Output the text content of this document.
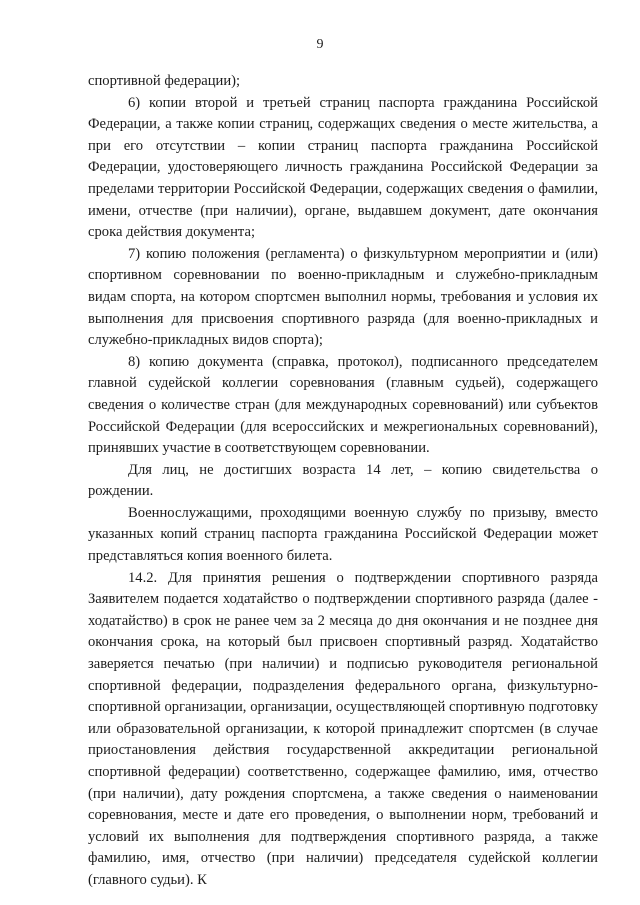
9

спортивной федерации);

6) копии второй и третьей страниц паспорта гражданина Российской Федерации, а также копии страниц, содержащих сведения о месте жительства, а при его отсутствии – копии страниц паспорта гражданина Российской Федерации, удостоверяющего личность гражданина Российской Федерации за пределами территории Российской Федерации, содержащих сведения о фамилии, имени, отчестве (при наличии), органе, выдавшем документ, дате окончания срока действия документа;

7) копию положения (регламента) о физкультурном мероприятии и (или) спортивном соревновании по военно-прикладным и служебно-прикладным видам спорта, на котором спортсмен выполнил нормы, требования и условия их выполнения для присвоения спортивного разряда (для военно-прикладных и служебно-прикладных видов спорта);

8) копию документа (справка, протокол), подписанного председателем главной судейской коллегии соревнования (главным судьей), содержащего сведения о количестве стран (для международных соревнований) или субъектов Российской Федерации (для всероссийских и межрегиональных соревнований), принявших участие в соответствующем соревновании.

Для лиц, не достигших возраста 14 лет, – копию свидетельства о рождении.

Военнослужащими, проходящими военную службу по призыву, вместо указанных копий страниц паспорта гражданина Российской Федерации может представляться копия военного билета.

14.2. Для принятия решения о подтверждении спортивного разряда Заявителем подается ходатайство о подтверждении спортивного разряда (далее - ходатайство) в срок не ранее чем за 2 месяца до дня окончания и не позднее дня окончания срока, на который был присвоен спортивный разряд. Ходатайство заверяется печатью (при наличии) и подписью руководителя региональной спортивной федерации, подразделения федерального органа, физкультурно-спортивной организации, организации, осуществляющей спортивную подготовку или образовательной организации, к которой принадлежит спортсмен (в случае приостановления действия государственной аккредитации региональной спортивной федерации) соответственно, содержащее фамилию, имя, отчество (при наличии), дату рождения спортсмена, а также сведения о наименовании соревнования, месте и дате его проведения, о выполнении норм, требований и условий их выполнения для подтверждения спортивного разряда, а также фамилию, имя, отчество (при наличии) председателя судейской коллегии (главного судьи). К
